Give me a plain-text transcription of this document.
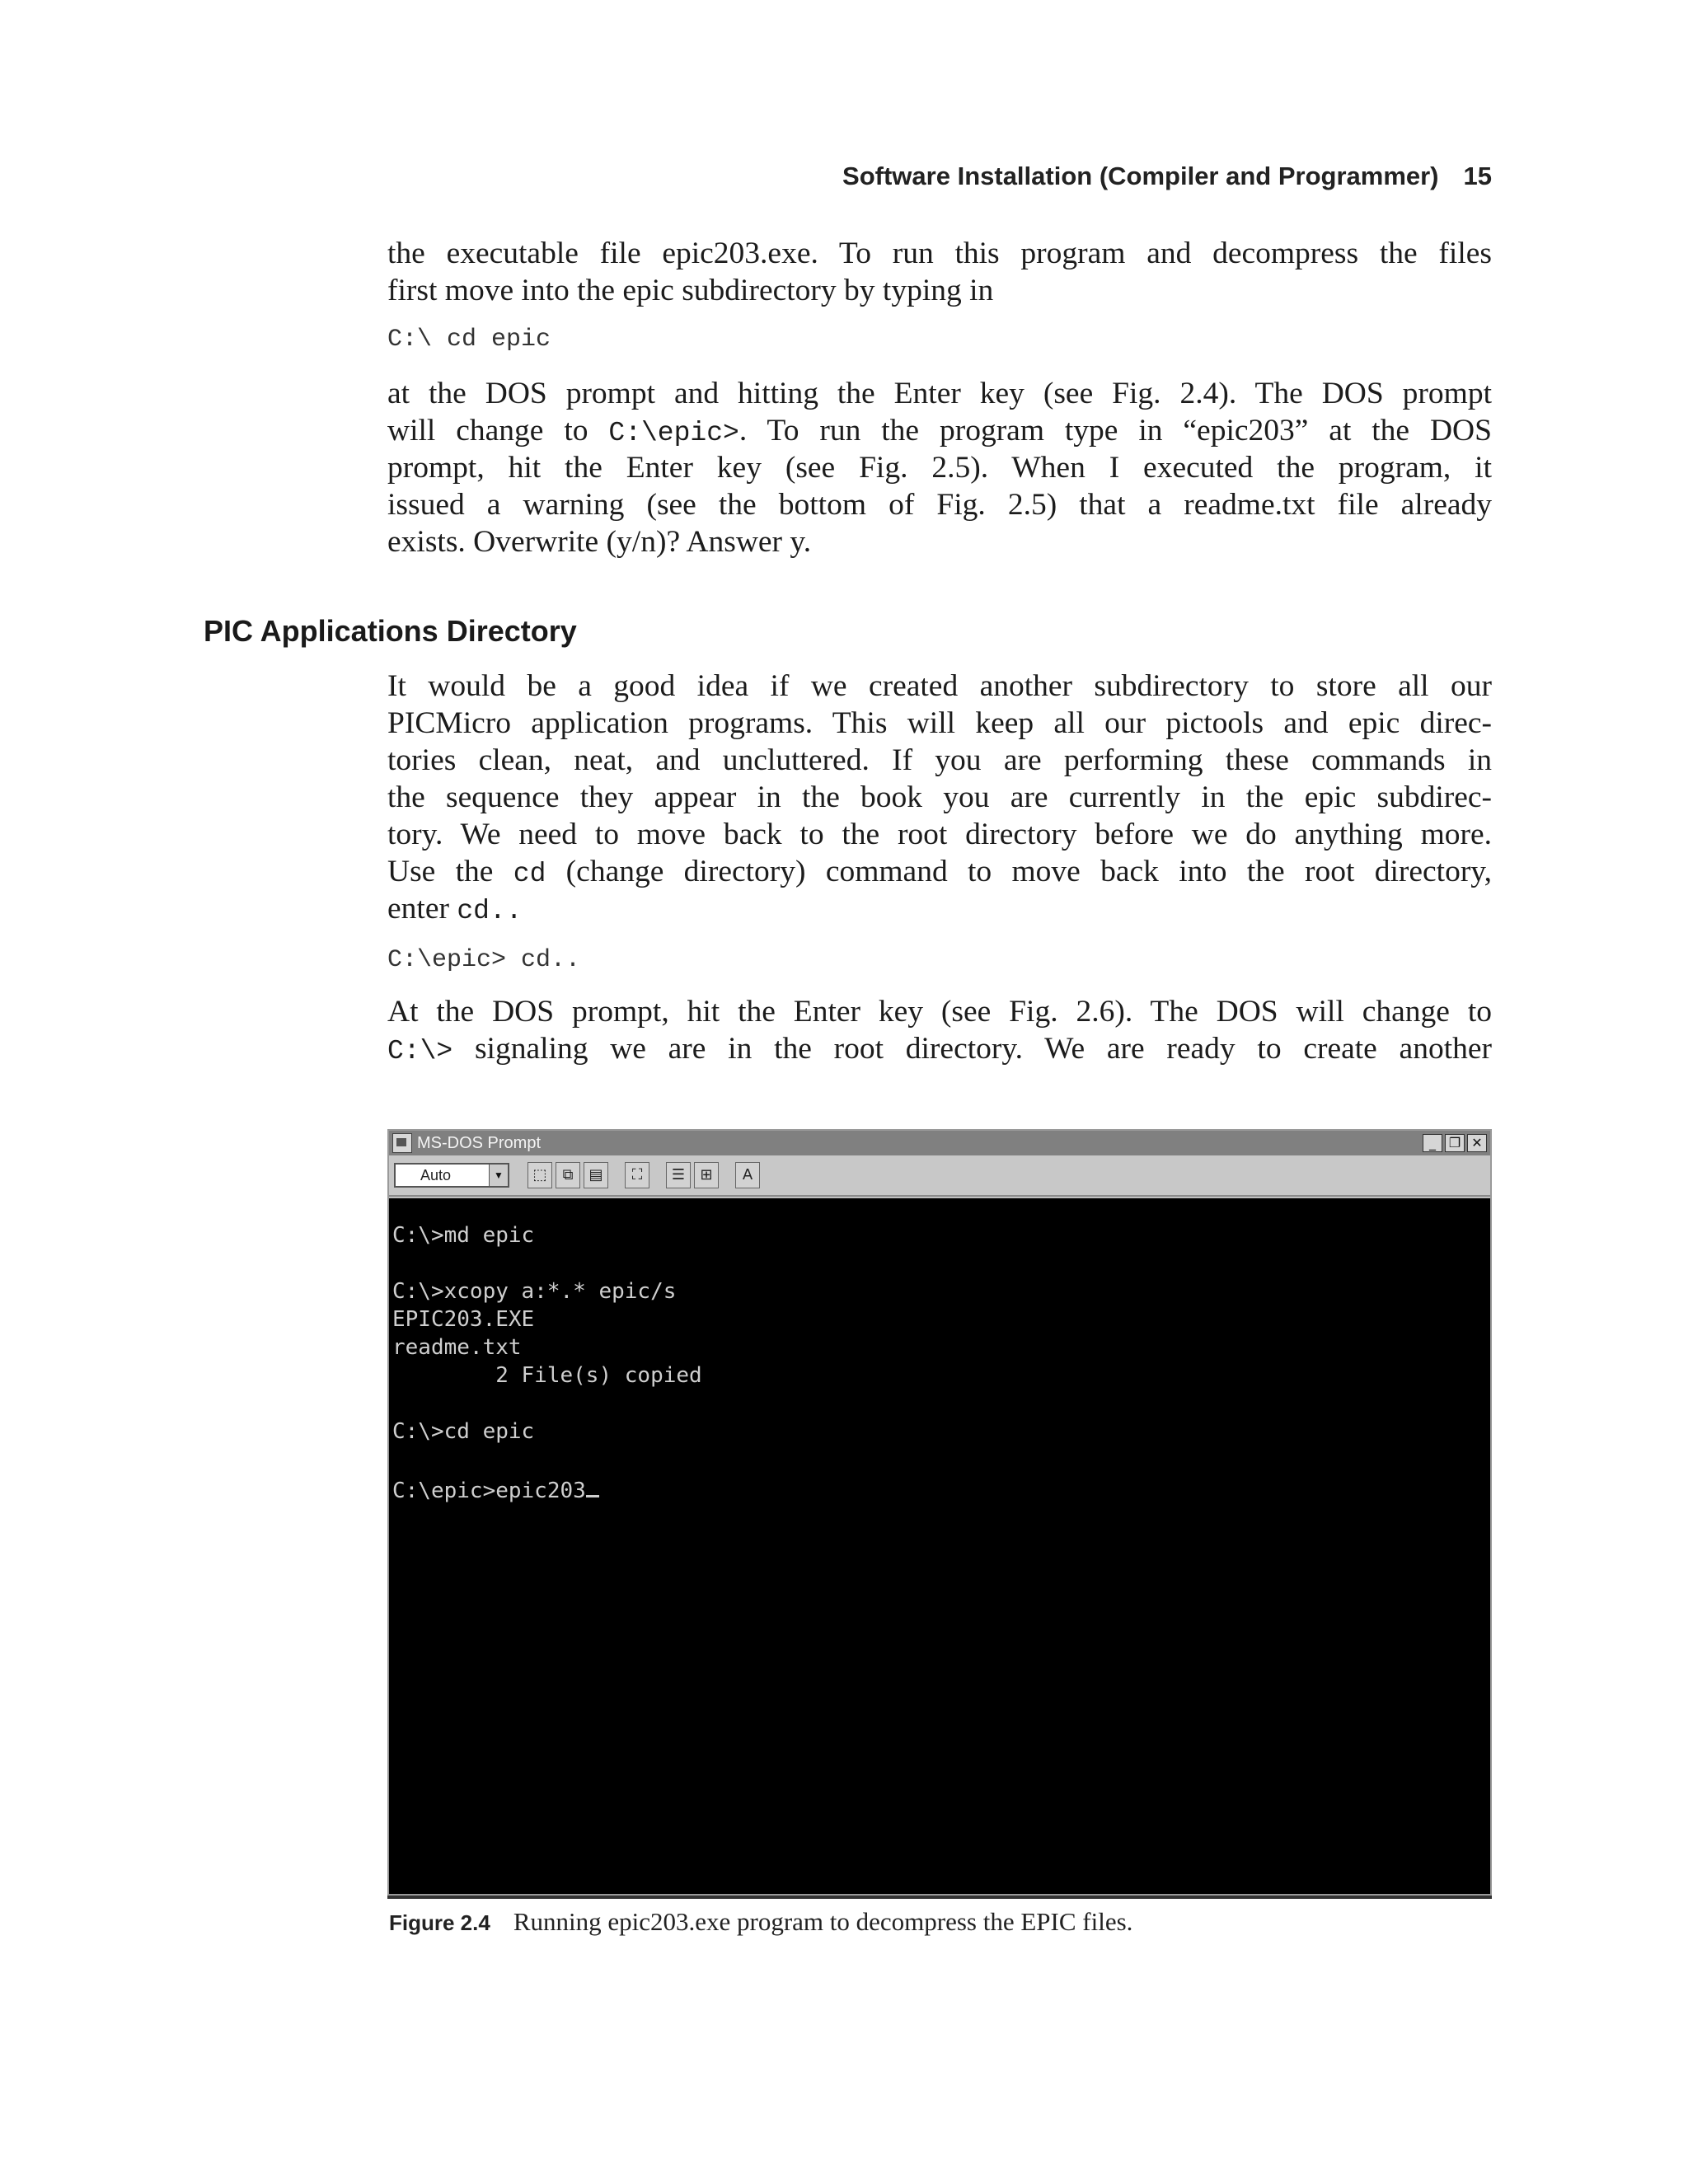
Software Installation (Compiler and Programmer) 15
the executable file epic203.exe. To run this program and decompress the files
first move into the epic subdirectory by typing in
C:\ cd epic
at the DOS prompt and hitting the Enter key (see Fig. 2.4). The DOS prompt
will change to C:\epic>. To run the program type in “epic203” at the DOS
prompt, hit the Enter key (see Fig. 2.5). When I executed the program, it
issued a warning (see the bottom of Fig. 2.5) that a readme.txt file already
exists. Overwrite (y/n)? Answer y.
PIC Applications Directory
It would be a good idea if we created another subdirectory to store all our
PICMicro application programs. This will keep all our pictools and epic direc-
tories clean, neat, and uncluttered. If you are performing these commands in
the sequence they appear in the book you are currently in the epic subdirec-
tory. We need to move back to the root directory before we do anything more.
Use the cd (change directory) command to move back into the root directory,
enter cd..
C:\epic> cd..
At the DOS prompt, hit the Enter key (see Fig. 2.6). The DOS will change to
C:\> signaling we are in the root directory. We are ready to create another
MS-DOS Prompt	_ ❐ ✕
Auto	▼	⬚	⧉	▤	⛶	☰	⊞	A
C:\>md epic
C:\>xcopy a:*.* epic/s
EPIC203.EXE
readme.txt
2 File(s) copied
C:\>cd epic
C:\epic>epic203
Figure 2.4 Running epic203.exe program to decompress the EPIC files.
